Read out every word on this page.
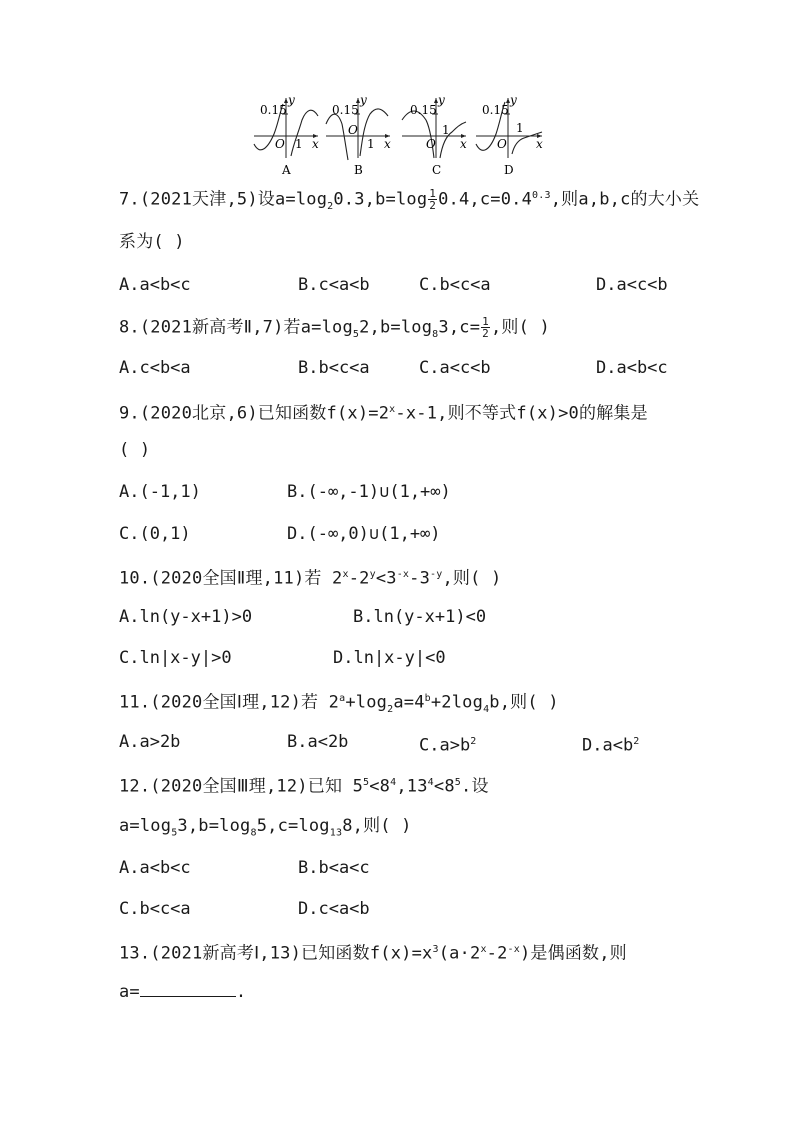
0.15
y
O 1 x
A
0.15
y
O
1 x
B
0.15
y
O
1
x
C
0.15
y
O
1
x
D
7.(2021天津,5)设$a=\log_20.3,b=\log \frac{1}{2} 0.4,c=0.4^{0.3}$,则a,b,c的大小关
系为( )
A.a<b<c	B.c<a<b	C.b<c<a	D.a<c<b
8.(2021新高考Ⅱ,7)若$a=\log_52,b=\log_83,c= \frac{1}{2}$ ,则( )
A.c<b<a	B.b<c<a	C.a<c<b	D.a<b<c
9.(2020北京,6)已知函数$f(x)=2^x-x-1$,则不等式f(x)>0的解集是
( )
A.(-1,1)	B.(-∞,-1)∪(1,+∞)
C.(0,1)	D.(-∞,0)∪(1,+∞)
10.(2020全国Ⅱ理,11)若 $2^x-2^y<3^{-x}-3^{-y}$,则( )
A.ln(y-x+1)>0	B.ln(y-x+1)<0
C.ln|x-y|>0	D.ln|x-y|<0
11.(2020全国Ⅰ理,12)若 $2^a+\log_2a=4^b+2\log_4b$,则( )
A.a>2b	B.a<2b	$C.a>b^2$	$D.a<b^2$
12.(2020全国Ⅲ理,12)已知 $5^5<8^4,13^4<8^5$.设
$a=\log_53,b=\log_85,c=\log_{13}8$,则( )
A.a<b<c	B.b<a<c
C.b<c<a	D.c<a<b
13.(2021新高考Ⅰ,13)已知函数$f(x)=x^3(a\cdot 2^x-2^{-x})$是偶函数,则
a=	.
